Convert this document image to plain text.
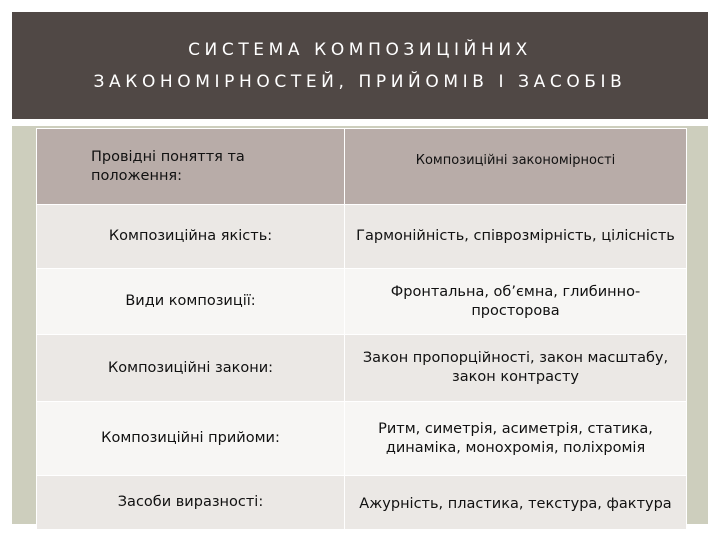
СИСТЕМА КОМПОЗИЦІЙНИХ
ЗАКОНОМІРНОСТЕЙ, ПРИЙОМІВ І ЗАСОБІВ
Провідні поняття та положення:	Композиційні закономірності
Композиційна якість:	Гармонійність, співрозмірність, цілісність
Види композиції:	Фронтальна, об’ємна, глибинно-просторова
Композиційні закони:	Закон пропорційності, закон масштабу, закон контрасту
Композиційні прийоми:	Ритм, симетрія, асиметрія, статика, динаміка, монохромія, поліхромія
Засоби виразності:	Ажурність, пластика, текстура, фактура
